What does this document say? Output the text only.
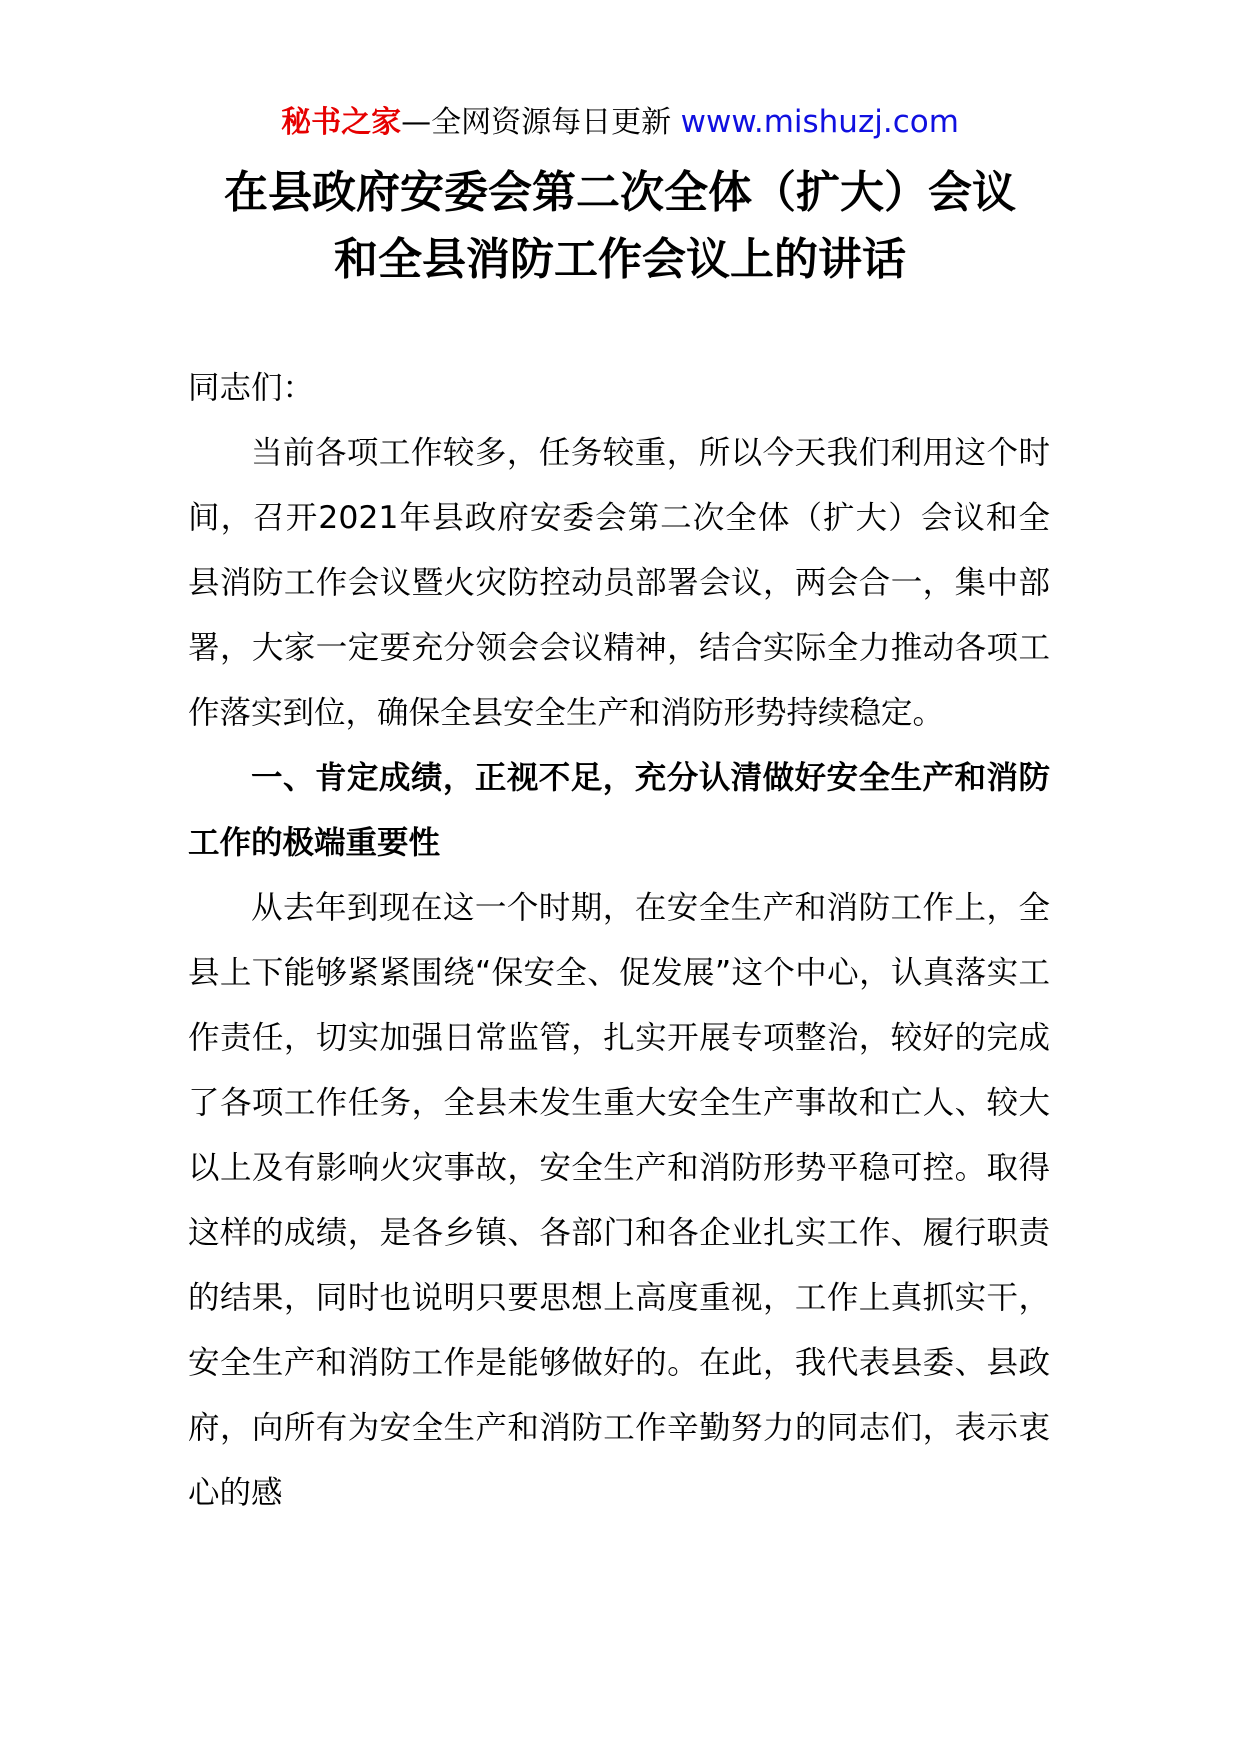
秘书之家—全网资源每日更新 www.mishuzj.com
在县政府安委会第二次全体（扩大）会议
和全县消防工作会议上的讲话

同志们：

当前各项工作较多，任务较重，所以今天我们利用这个时间，召开2021年县政府安委会第二次全体（扩大）会议和全县消防工作会议暨火灾防控动员部署会议，两会合一，集中部署，大家一定要充分领会会议精神，结合实际全力推动各项工作落实到位，确保全县安全生产和消防形势持续稳定。

一、肯定成绩，正视不足，充分认清做好安全生产和消防工作的极端重要性

从去年到现在这一个时期，在安全生产和消防工作上，全县上下能够紧紧围绕“保安全、促发展”这个中心，认真落实工作责任，切实加强日常监管，扎实开展专项整治，较好的完成了各项工作任务，全县未发生重大安全生产事故和亡人、较大以上及有影响火灾事故，安全生产和消防形势平稳可控。取得这样的成绩，是各乡镇、各部门和各企业扎实工作、履行职责的结果，同时也说明只要思想上高度重视，工作上真抓实干，安全生产和消防工作是能够做好的。在此，我代表县委、县政府，向所有为安全生产和消防工作辛勤努力的同志们，表示衷心的感
